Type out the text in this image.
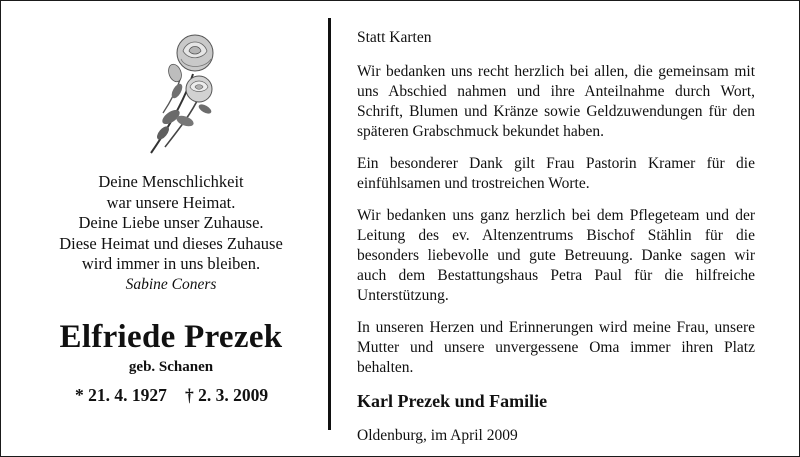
Deine Menschlichkeit
war unsere Heimat.
Deine Liebe unser Zuhause.
Diese Heimat und dieses Zuhause
wird immer in uns bleiben.
Sabine Coners
Elfriede Prezek
geb. Schanen
* 21. 4. 1927 † 2. 3. 2009

Statt Karten

Wir bedanken uns recht herzlich bei allen, die gemeinsam mit uns Abschied nahmen und ihre Anteilnahme durch Wort, Schrift, Blumen und Kränze sowie Geldzuwendungen für den späteren Grabschmuck bekundet haben.

Ein besonderer Dank gilt Frau Pastorin Kramer für die einfühlsamen und trostreichen Worte.

Wir bedanken uns ganz herzlich bei dem Pflegeteam und der Leitung des ev. Altenzentrums Bischof Stählin für die besonders liebevolle und gute Betreuung. Danke sagen wir auch dem Bestattungshaus Petra Paul für die hilfreiche Unterstützung.

In unseren Herzen und Erinnerungen wird meine Frau, unsere Mutter und unsere unvergessene Oma immer ihren Platz behalten.

Karl Prezek und Familie

Oldenburg, im April 2009
